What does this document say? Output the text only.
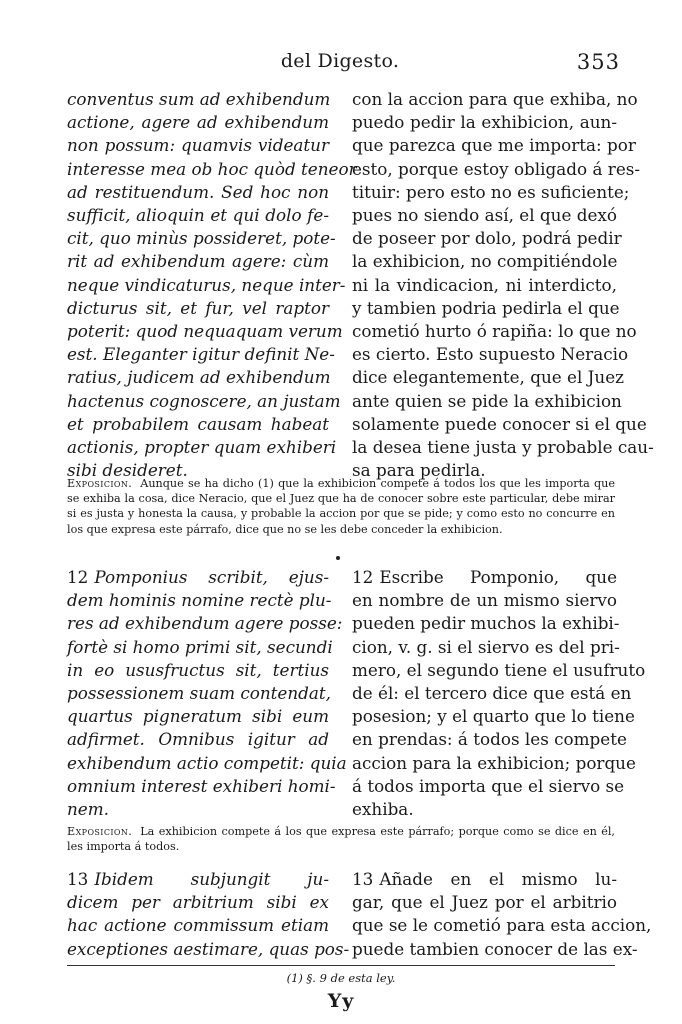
del Digesto.	353

conventus sum ad exhibendum
actione, agere ad exhibendum
non possum: quamvis videatur
interesse mea ob hoc quòd teneor
ad restituendum. Sed hoc non
sufficit, alioquin et qui dolo fe-
cit, quo minùs possideret, pote-
rit ad exhibendum agere: cùm
neque vindicaturus, neque inter-
dicturus sit, et fur, vel raptor
poterit: quod nequaquam verum
est. Eleganter igitur definit Ne-
ratius, judicem ad exhibendum
hactenus cognoscere, an justam
et probabilem causam habeat
actionis, propter quam exhiberi
sibi desideret.

con la accion para que exhiba, no
puedo pedir la exhibicion, aun-
que parezca que me importa: por
esto, porque estoy obligado á res-
tituir: pero esto no es suficiente;
pues no siendo así, el que dexó
de poseer por dolo, podrá pedir
la exhibicion, no compitiéndole
ni la vindicacion, ni interdicto,
y tambien podria pedirla el que
cometió hurto ó rapiña: lo que no
es cierto. Esto supuesto Neracio
dice elegantemente, que el Juez
ante quien se pide la exhibicion
solamente puede conocer si el que
la desea tiene justa y probable cau-
sa para pedirla.

Exposicion. Aunque se ha dicho (1) que la exhibicion compete á todos los que les importa que se exhiba la cosa, dice Neracio, que el Juez que ha de conocer sobre este particular, debe mirar si es justa y honesta la causa, y probable la accion por que se pide; y como esto no concurre en los que expresa este párrafo, dice que no se les debe conceder la exhibicion.

12 Pomponius scribit, ejus-
dem hominis nomine rectè plu-
res ad exhibendum agere posse:
fortè si homo primi sit, secundi
in eo ususfructus sit, tertius
possessionem suam contendat,
quartus pigneratum sibi eum
adfirmet. Omnibus igitur ad
exhibendum actio competit: quia
omnium interest exhiberi homi-
nem.

12 Escribe Pomponio, que
en nombre de un mismo siervo
pueden pedir muchos la exhibi-
cion, v. g. si el siervo es del pri-
mero, el segundo tiene el usufruto
de él: el tercero dice que está en
posesion; y el quarto que lo tiene
en prendas: á todos les compete
accion para la exhibicion; porque
á todos importa que el siervo se
exhiba.

Exposicion. La exhibicion compete á los que expresa este párrafo; porque como se dice en él, les importa á todos.

13 Ibidem subjungit ju-
dicem per arbitrium sibi ex
hac actione commissum etiam
exceptiones aestimare, quas pos-

13 Añade en el mismo lu-
gar, que el Juez por el arbitrio
que se le cometió para esta accion,
puede tambien conocer de las ex-

(1) §. 9 de esta ley.
Yy
